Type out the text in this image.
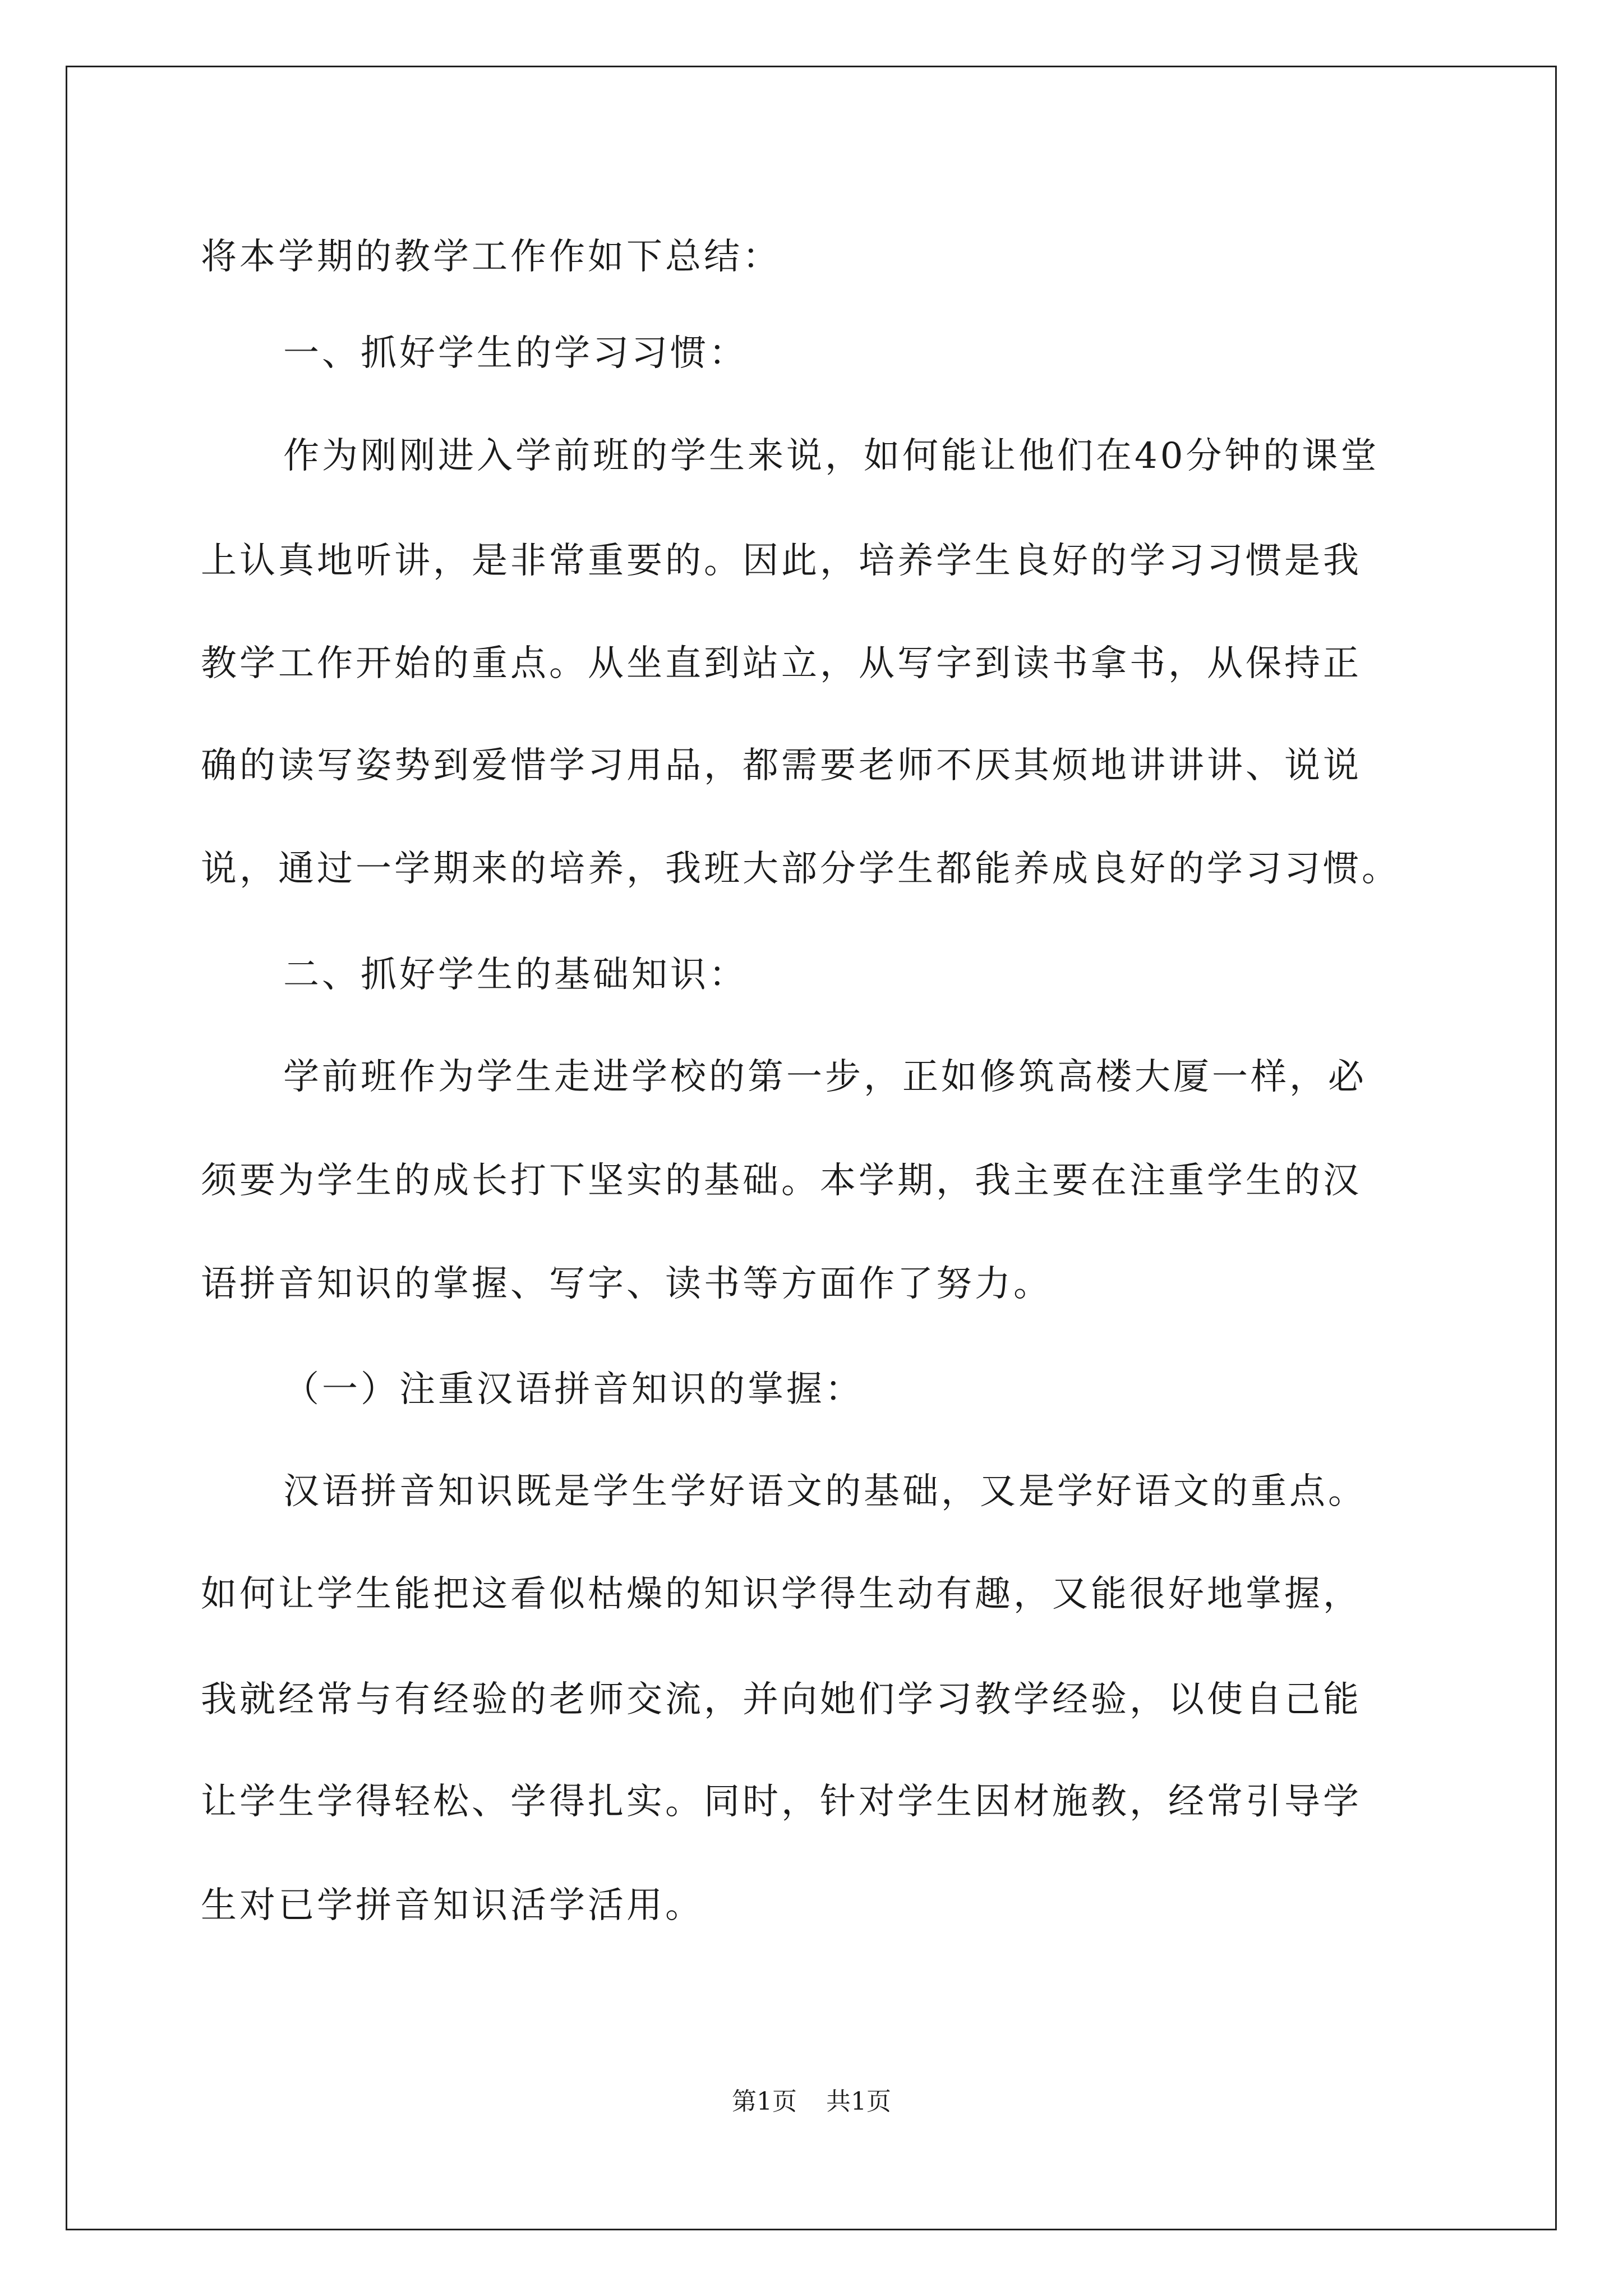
将本学期的教学工作作如下总结：
一、抓好学生的学习习惯：
作为刚刚进入学前班的学生来说，如何能让他们在40分钟的课堂
上认真地听讲，是非常重要的。因此，培养学生良好的学习习惯是我
教学工作开始的重点。从坐直到站立，从写字到读书拿书，从保持正
确的读写姿势到爱惜学习用品，都需要老师不厌其烦地讲讲讲、说说
说，通过一学期来的培养，我班大部分学生都能养成良好的学习习惯。
二、抓好学生的基础知识：
学前班作为学生走进学校的第一步，正如修筑高楼大厦一样，必
须要为学生的成长打下坚实的基础。本学期，我主要在注重学生的汉
语拼音知识的掌握、写字、读书等方面作了努力。
（一）注重汉语拼音知识的掌握：
汉语拼音知识既是学生学好语文的基础，又是学好语文的重点。
如何让学生能把这看似枯燥的知识学得生动有趣，又能很好地掌握，
我就经常与有经验的老师交流，并向她们学习教学经验，以使自己能
让学生学得轻松、学得扎实。同时，针对学生因材施教，经常引导学
生对已学拼音知识活学活用。
第1页 共1页
